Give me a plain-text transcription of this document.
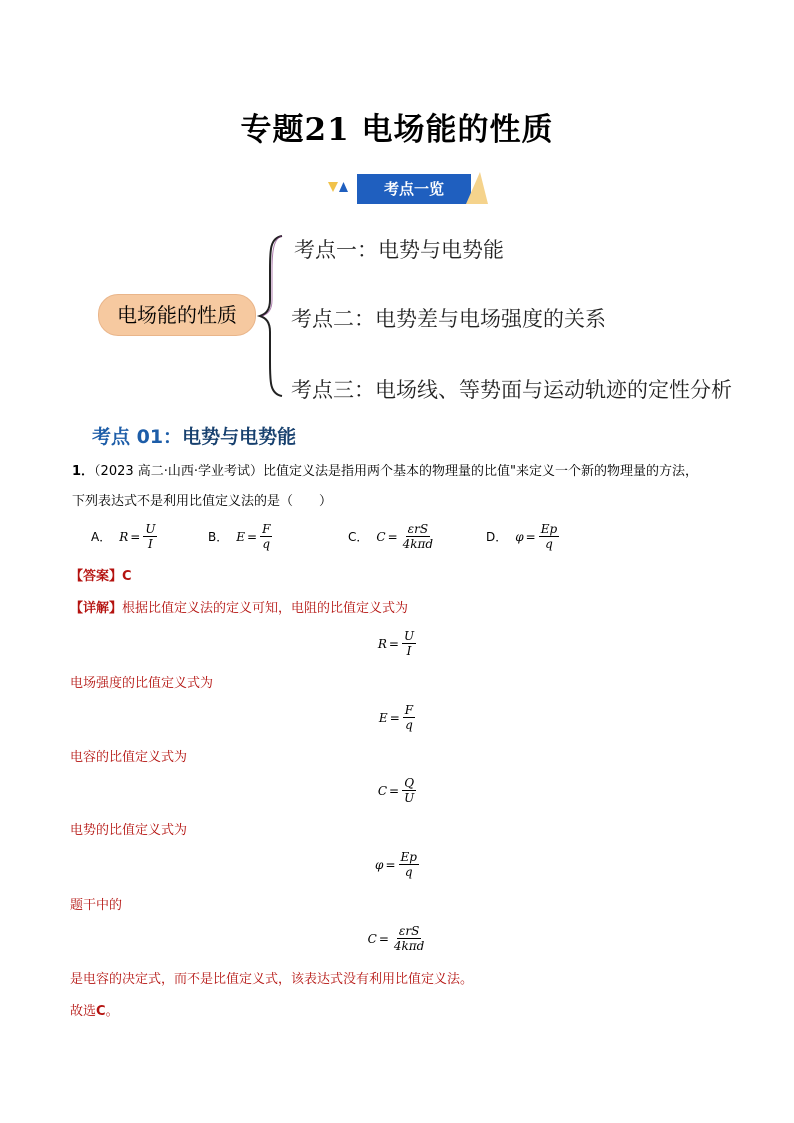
专题21 电场能的性质
考点一览
电场能的性质
考点一：电势与电势能
考点二：电势差与电场强度的关系
考点三：电场线、等势面与运动轨迹的定性分析
考点 01：电势与电势能
1．（2023 高二·山西·学业考试）比值定义法是指用两个基本的物理量的比值"来定义一个新的物理量的方法，
下列表达式不是利用比值定义法的是（　　）
A． $R = \frac{U}{I}$	B． $E = \frac{F}{q}$	C． $C = \frac{\text{εrS}}{\text{4kπd}}$	D． $\varphi = \frac{Ep}{q}$
【答案】C
【详解】根据比值定义法的定义可知，电阻的比值定义式为
$R = \frac{U}{I}$
电场强度的比值定义式为
$E = \frac{F}{q}$
电容的比值定义式为
$C = \frac{Q}{U}$
电势的比值定义式为
$\varphi = \frac{Ep}{q}$
题干中的
$C = \frac{\text{εrS}}{\text{4kπd}}$
是电容的决定式，而不是比值定义式，该表达式没有利用比值定义法。
故选C。
